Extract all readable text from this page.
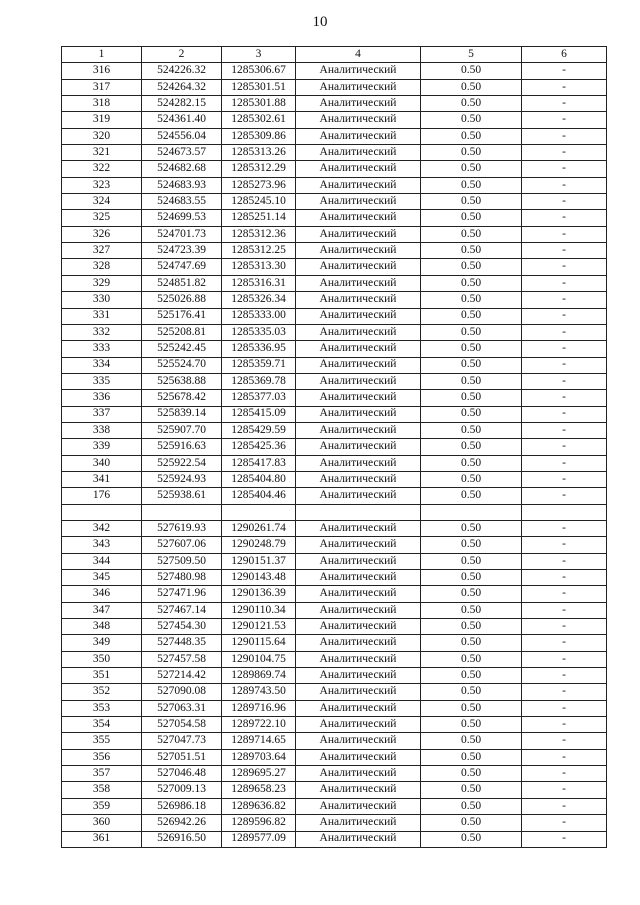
10
1	2	3	4	5	6
316	524226.32	1285306.67	Аналитический	0.50	-
317	524264.32	1285301.51	Аналитический	0.50	-
318	524282.15	1285301.88	Аналитический	0.50	-
319	524361.40	1285302.61	Аналитический	0.50	-
320	524556.04	1285309.86	Аналитический	0.50	-
321	524673.57	1285313.26	Аналитический	0.50	-
322	524682.68	1285312.29	Аналитический	0.50	-
323	524683.93	1285273.96	Аналитический	0.50	-
324	524683.55	1285245.10	Аналитический	0.50	-
325	524699.53	1285251.14	Аналитический	0.50	-
326	524701.73	1285312.36	Аналитический	0.50	-
327	524723.39	1285312.25	Аналитический	0.50	-
328	524747.69	1285313.30	Аналитический	0.50	-
329	524851.82	1285316.31	Аналитический	0.50	-
330	525026.88	1285326.34	Аналитический	0.50	-
331	525176.41	1285333.00	Аналитический	0.50	-
332	525208.81	1285335.03	Аналитический	0.50	-
333	525242.45	1285336.95	Аналитический	0.50	-
334	525524.70	1285359.71	Аналитический	0.50	-
335	525638.88	1285369.78	Аналитический	0.50	-
336	525678.42	1285377.03	Аналитический	0.50	-
337	525839.14	1285415.09	Аналитический	0.50	-
338	525907.70	1285429.59	Аналитический	0.50	-
339	525916.63	1285425.36	Аналитический	0.50	-
340	525922.54	1285417.83	Аналитический	0.50	-
341	525924.93	1285404.80	Аналитический	0.50	-
176	525938.61	1285404.46	Аналитический	0.50	-

342	527619.93	1290261.74	Аналитический	0.50	-
343	527607.06	1290248.79	Аналитический	0.50	-
344	527509.50	1290151.37	Аналитический	0.50	-
345	527480.98	1290143.48	Аналитический	0.50	-
346	527471.96	1290136.39	Аналитический	0.50	-
347	527467.14	1290110.34	Аналитический	0.50	-
348	527454.30	1290121.53	Аналитический	0.50	-
349	527448.35	1290115.64	Аналитический	0.50	-
350	527457.58	1290104.75	Аналитический	0.50	-
351	527214.42	1289869.74	Аналитический	0.50	-
352	527090.08	1289743.50	Аналитический	0.50	-
353	527063.31	1289716.96	Аналитический	0.50	-
354	527054.58	1289722.10	Аналитический	0.50	-
355	527047.73	1289714.65	Аналитический	0.50	-
356	527051.51	1289703.64	Аналитический	0.50	-
357	527046.48	1289695.27	Аналитический	0.50	-
358	527009.13	1289658.23	Аналитический	0.50	-
359	526986.18	1289636.82	Аналитический	0.50	-
360	526942.26	1289596.82	Аналитический	0.50	-
361	526916.50	1289577.09	Аналитический	0.50	-
